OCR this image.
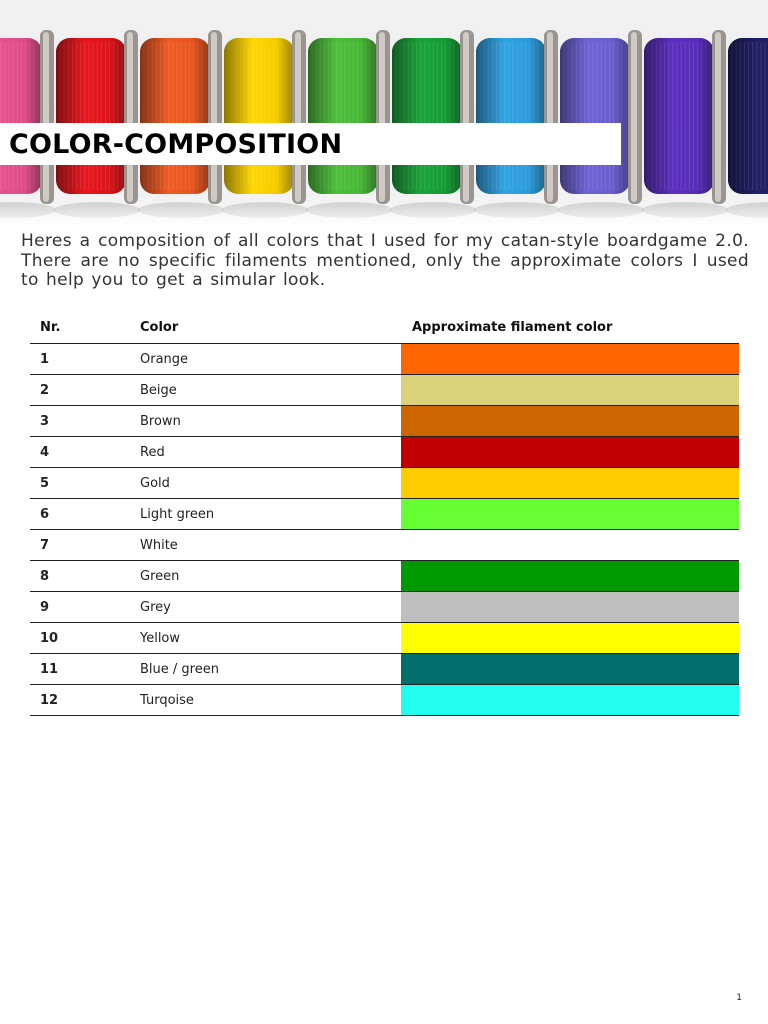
COLOR-COMPOSITION
Heres a composition of all colors that I used for my catan-style boardgame 2.0. There are no specific filaments mentioned, only the approximate colors I used to help you to get a simular look.
Nr.	Color	Approximate filament color
1	Orange
2	Beige
3	Brown
4	Red
5	Gold
6	Light green
7	White
8	Green
9	Grey
10	Yellow
11	Blue / green
12	Turqoise
1
